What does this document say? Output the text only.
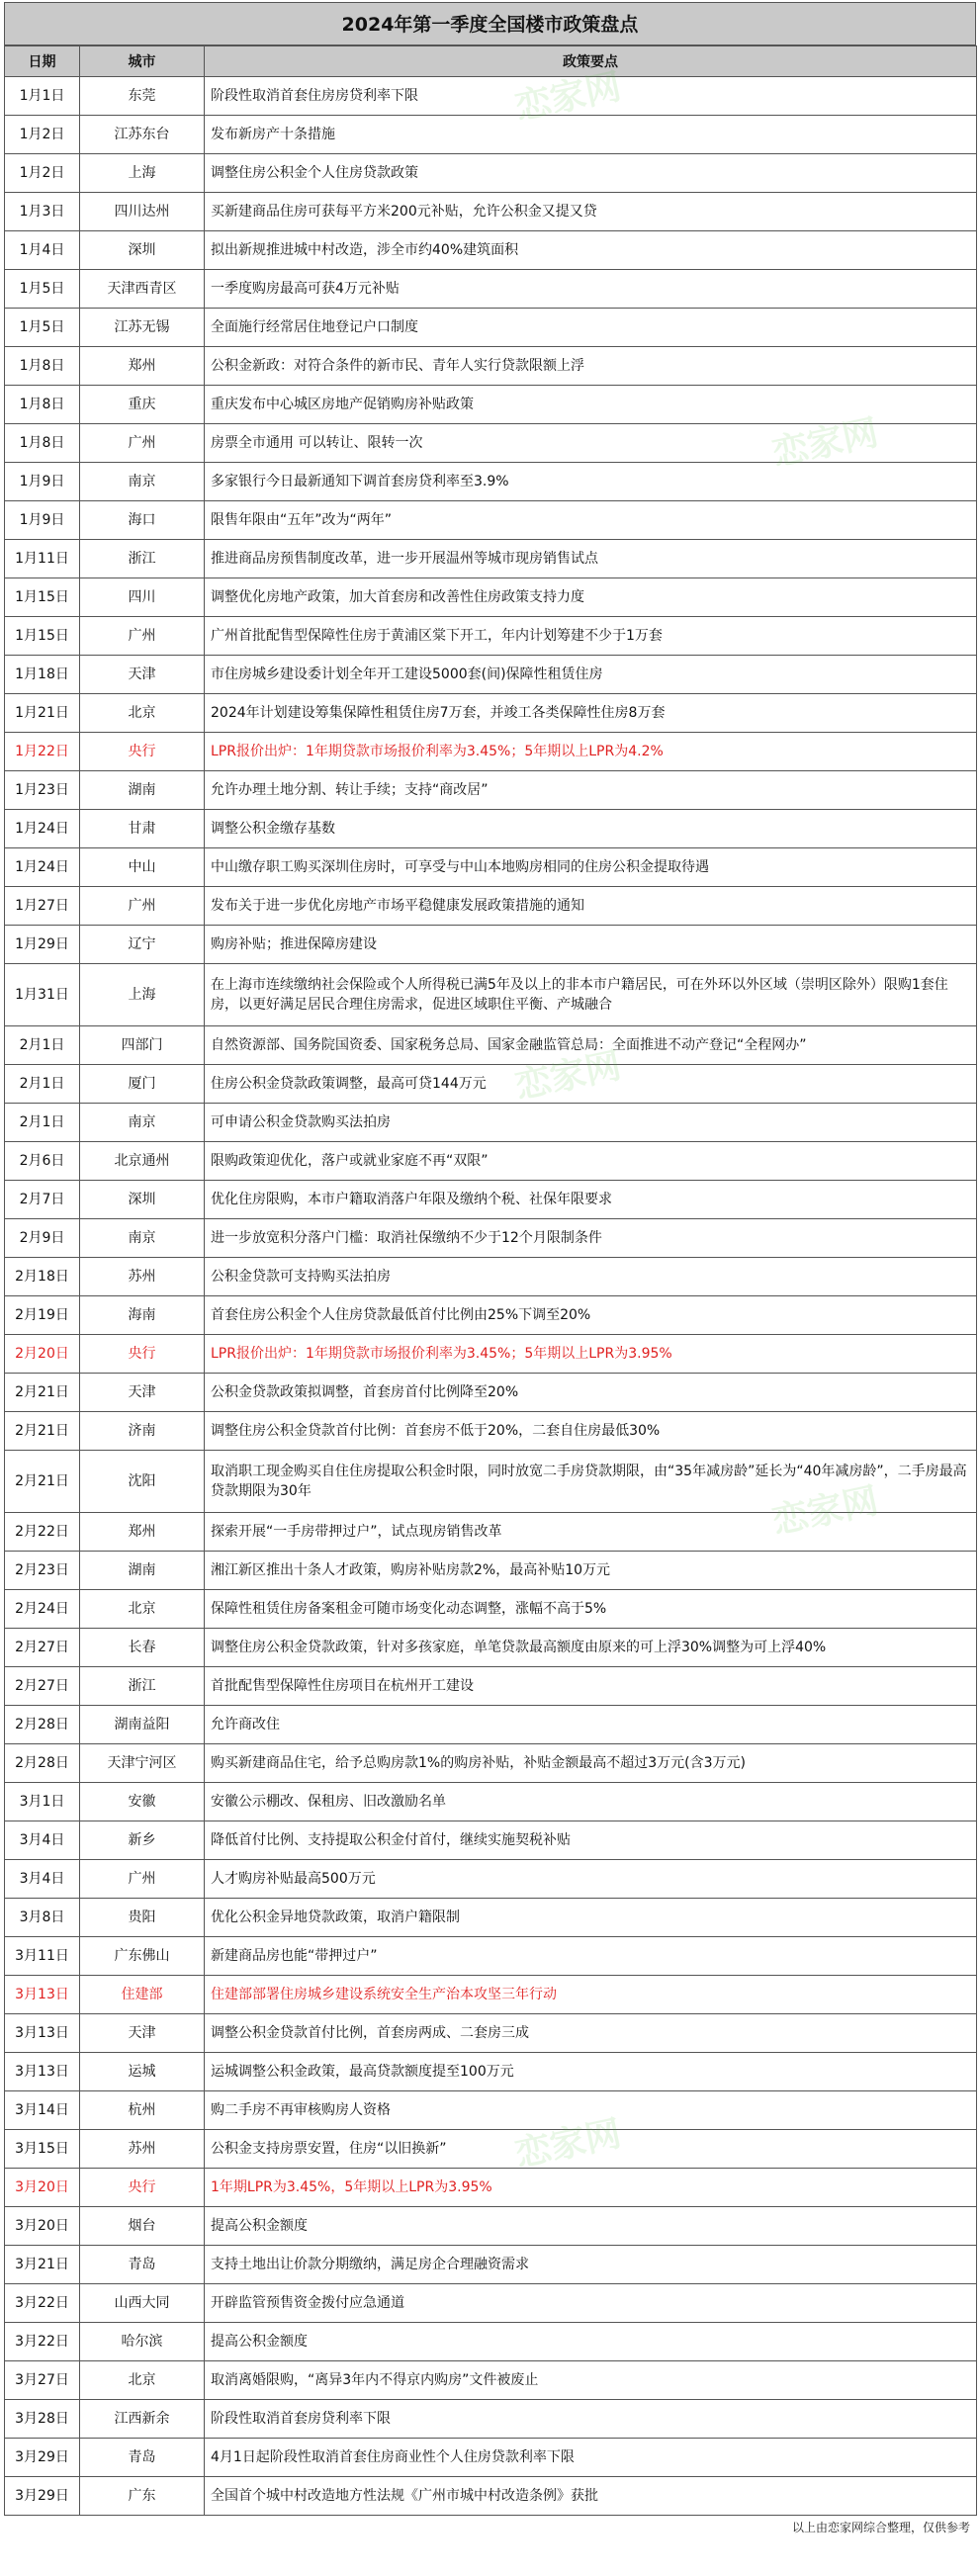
2024年第一季度全国楼市政策盘点
日期	城市	政策要点
1月1日	东莞	阶段性取消首套住房房贷利率下限
1月2日	江苏东台	发布新房产十条措施
1月2日	上海	调整住房公积金个人住房贷款政策
1月3日	四川达州	买新建商品住房可获每平方米200元补贴，允许公积金又提又贷
1月4日	深圳	拟出新规推进城中村改造，涉全市约40%建筑面积
1月5日	天津西青区	一季度购房最高可获4万元补贴
1月5日	江苏无锡	全面施行经常居住地登记户口制度
1月8日	郑州	公积金新政：对符合条件的新市民、青年人实行贷款限额上浮
1月8日	重庆	重庆发布中心城区房地产促销购房补贴政策
1月8日	广州	房票全市通用 可以转让、限转一次
1月9日	南京	多家银行今日最新通知下调首套房贷利率至3.9%
1月9日	海口	限售年限由“五年”改为“两年”
1月11日	浙江	推进商品房预售制度改革，进一步开展温州等城市现房销售试点
1月15日	四川	调整优化房地产政策，加大首套房和改善性住房政策支持力度
1月15日	广州	广州首批配售型保障性住房于黄浦区棠下开工，年内计划筹建不少于1万套
1月18日	天津	市住房城乡建设委计划全年开工建设5000套(间)保障性租赁住房
1月21日	北京	2024年计划建设筹集保障性租赁住房7万套，并竣工各类保障性住房8万套
1月22日	央行	LPR报价出炉：1年期贷款市场报价利率为3.45%；5年期以上LPR为4.2%
1月23日	湖南	允许办理土地分割、转让手续；支持“商改居”
1月24日	甘肃	调整公积金缴存基数
1月24日	中山	中山缴存职工购买深圳住房时，可享受与中山本地购房相同的住房公积金提取待遇
1月27日	广州	发布关于进一步优化房地产市场平稳健康发展政策措施的通知
1月29日	辽宁	购房补贴；推进保障房建设
1月31日	上海	在上海市连续缴纳社会保险或个人所得税已满5年及以上的非本市户籍居民，可在外环以外区域（崇明区除外）限购1套住房，以更好满足居民合理住房需求，促进区域职住平衡、产城融合
2月1日	四部门	自然资源部、国务院国资委、国家税务总局、国家金融监管总局：全面推进不动产登记“全程网办”
2月1日	厦门	住房公积金贷款政策调整，最高可贷144万元
2月1日	南京	可申请公积金贷款购买法拍房
2月6日	北京通州	限购政策迎优化，落户或就业家庭不再“双限”
2月7日	深圳	优化住房限购，本市户籍取消落户年限及缴纳个税、社保年限要求
2月9日	南京	进一步放宽积分落户门槛：取消社保缴纳不少于12个月限制条件
2月18日	苏州	公积金贷款可支持购买法拍房
2月19日	海南	首套住房公积金个人住房贷款最低首付比例由25%下调至20%
2月20日	央行	LPR报价出炉：1年期贷款市场报价利率为3.45%；5年期以上LPR为3.95%
2月21日	天津	公积金贷款政策拟调整，首套房首付比例降至20%
2月21日	济南	调整住房公积金贷款首付比例：首套房不低于20%，二套自住房最低30%
2月21日	沈阳	取消职工现金购买自住住房提取公积金时限，同时放宽二手房贷款期限，由“35年减房龄”延长为“40年减房龄”，二手房最高贷款期限为30年
2月22日	郑州	探索开展“一手房带押过户”，试点现房销售改革
2月23日	湖南	湘江新区推出十条人才政策，购房补贴房款2%，最高补贴10万元
2月24日	北京	保障性租赁住房备案租金可随市场变化动态调整，涨幅不高于5%
2月27日	长春	调整住房公积金贷款政策，针对多孩家庭，单笔贷款最高额度由原来的可上浮30%调整为可上浮40%
2月27日	浙江	首批配售型保障性住房项目在杭州开工建设
2月28日	湖南益阳	允许商改住
2月28日	天津宁河区	购买新建商品住宅，给予总购房款1%的购房补贴，补贴金额最高不超过3万元(含3万元)
3月1日	安徽	安徽公示棚改、保租房、旧改激励名单
3月4日	新乡	降低首付比例、支持提取公积金付首付，继续实施契税补贴
3月4日	广州	人才购房补贴最高500万元
3月8日	贵阳	优化公积金异地贷款政策，取消户籍限制
3月11日	广东佛山	新建商品房也能“带押过户”
3月13日	住建部	住建部部署住房城乡建设系统安全生产治本攻坚三年行动
3月13日	天津	调整公积金贷款首付比例，首套房两成、二套房三成
3月13日	运城	运城调整公积金政策，最高贷款额度提至100万元
3月14日	杭州	购二手房不再审核购房人资格
3月15日	苏州	公积金支持房票安置，住房“以旧换新”
3月20日	央行	1年期LPR为3.45%，5年期以上LPR为3.95%
3月20日	烟台	提高公积金额度
3月21日	青岛	支持土地出让价款分期缴纳，满足房企合理融资需求
3月22日	山西大同	开辟监管预售资金拨付应急通道
3月22日	哈尔滨	提高公积金额度
3月27日	北京	取消离婚限购，“离异3年内不得京内购房”文件被废止
3月28日	江西新余	阶段性取消首套房贷利率下限
3月29日	青岛	4月1日起阶段性取消首套住房商业性个人住房贷款利率下限
3月29日	广东	全国首个城中村改造地方性法规《广州市城中村改造条例》获批
以上由恋家网综合整理，仅供参考
恋家网
恋家网
恋家网
恋家网
恋家网
